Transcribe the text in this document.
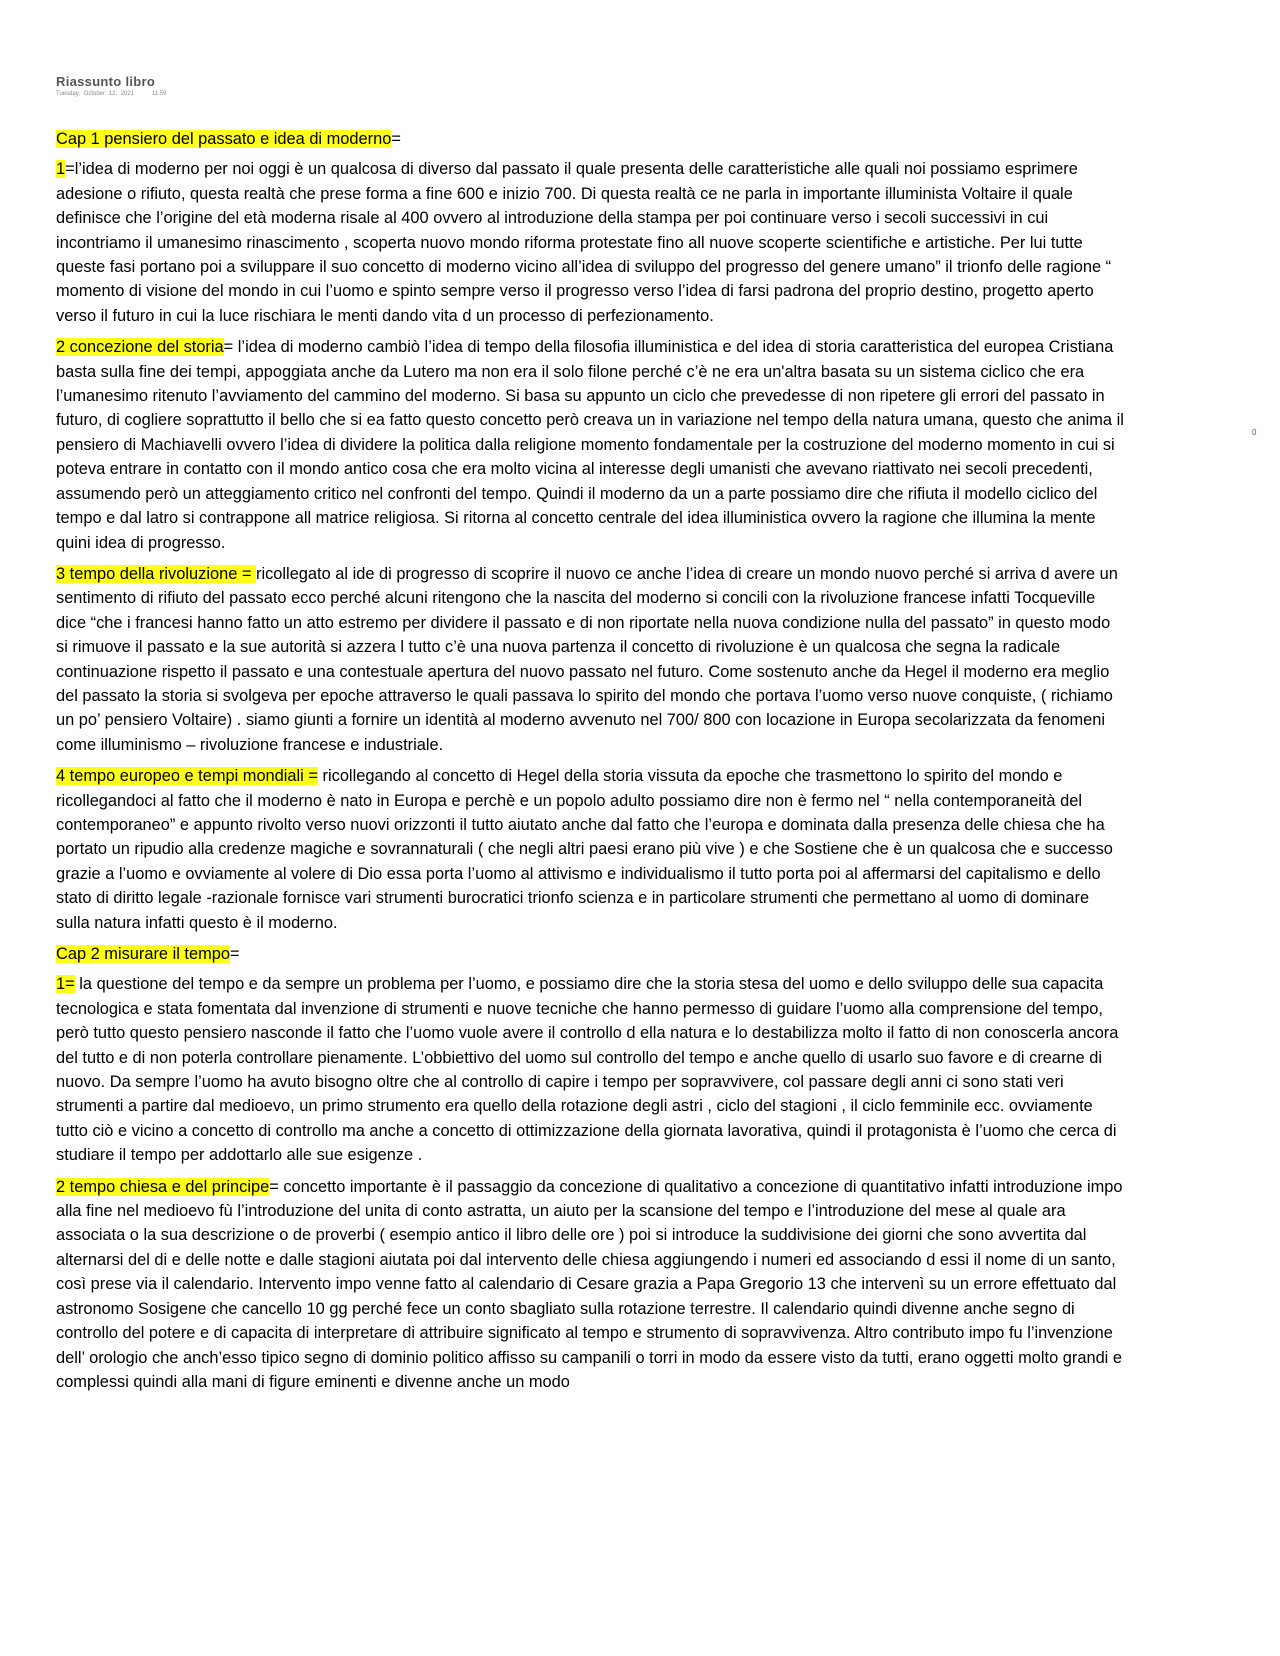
Riassunto libro
Tuesday, October 12, 2021	11:59

Cap 1 pensiero del passato e idea di moderno=

1=l’idea di moderno per noi oggi è un qualcosa di diverso dal passato il quale presenta delle caratteristiche alle quali noi possiamo esprimere adesione o rifiuto, questa realtà che prese forma a fine 600 e inizio 700. Di questa realtà ce ne parla in importante illuminista Voltaire il quale definisce che l’origine del età moderna risale al 400 ovvero al introduzione della stampa per poi continuare verso i secoli successivi in cui incontriamo il umanesimo rinascimento , scoperta nuovo mondo riforma protestate fino all nuove scoperte scientifiche e artistiche. Per lui tutte queste fasi portano poi a sviluppare il suo concetto di moderno vicino all’idea di sviluppo del progresso del genere umano” il trionfo delle ragione “ momento di visione del mondo in cui l’uomo e spinto sempre verso il progresso verso l’idea di farsi padrona del proprio destino, progetto aperto verso il futuro in cui la luce rischiara le menti dando vita d un processo di perfezionamento.

2 concezione del storia= l’idea di moderno cambiò l’idea di tempo della filosofia illuministica e del idea di storia caratteristica del europea Cristiana basta sulla fine dei tempi, appoggiata anche da Lutero ma non era il solo filone perché c’è ne era un'altra basata su un sistema ciclico che era l’umanesimo ritenuto l’avviamento del cammino del moderno. Si basa su appunto un ciclo che prevedesse di non ripetere gli errori del passato in futuro, di cogliere soprattutto il bello che si ea fatto questo concetto però creava un in variazione nel tempo della natura umana, questo che anima il pensiero di Machiavelli ovvero l’idea di dividere la politica dalla religione momento fondamentale per la costruzione del moderno momento in cui si poteva entrare in contatto con il mondo antico cosa che era molto vicina al interesse degli umanisti che avevano riattivato nei secoli precedenti, assumendo però un atteggiamento critico nel confronti del tempo. Quindi il moderno da un a parte possiamo dire che rifiuta il modello ciclico del tempo e dal latro si contrappone all matrice religiosa. Si ritorna al concetto centrale del idea illuministica ovvero la ragione che illumina la mente quini idea di progresso.

3 tempo della rivoluzione = ricollegato al ide di progresso di scoprire il nuovo ce anche l’idea di creare un mondo nuovo perché si arriva d avere un sentimento di rifiuto del passato ecco perché alcuni ritengono che la nascita del moderno si concili con la rivoluzione francese infatti Tocqueville dice “che i francesi hanno fatto un atto estremo per dividere il passato e di non riportate nella nuova condizione nulla del passato” in questo modo si rimuove il passato e la sue autorità si azzera l tutto c’è una nuova partenza il concetto di rivoluzione è un qualcosa che segna la radicale continuazione rispetto il passato e una contestuale apertura del nuovo passato nel futuro. Come sostenuto anche da Hegel il moderno era meglio del passato la storia si svolgeva per epoche attraverso le quali passava lo spirito del mondo che portava l’uomo verso nuove conquiste, ( richiamo un po’ pensiero Voltaire) . siamo giunti a fornire un identità al moderno avvenuto nel 700/ 800 con locazione in Europa secolarizzata da fenomeni come illuminismo – rivoluzione francese e industriale.

4 tempo europeo e tempi mondiali = ricollegando al concetto di Hegel della storia vissuta da epoche che trasmettono lo spirito del mondo e ricollegandoci al fatto che il moderno è nato in Europa e perchè e un popolo adulto possiamo dire non è fermo nel “ nella contemporaneità del contemporaneo” e appunto rivolto verso nuovi orizzonti il tutto aiutato anche dal fatto che l’europa e dominata dalla presenza delle chiesa che ha portato un ripudio alla credenze magiche e sovrannaturali ( che negli altri paesi erano più vive ) e che Sostiene che è un qualcosa che e successo grazie a l’uomo e ovviamente al volere di Dio essa porta l’uomo al attivismo e individualismo il tutto porta poi al affermarsi del capitalismo e dello stato di diritto legale -razionale fornisce vari strumenti burocratici trionfo scienza e in particolare strumenti che permettano al uomo di dominare sulla natura infatti questo è il moderno.

Cap 2 misurare il tempo=

1= la questione del tempo e da sempre un problema per l’uomo, e possiamo dire che la storia stesa del uomo e dello sviluppo delle sua capacita tecnologica e stata fomentata dal invenzione di strumenti e nuove tecniche che hanno permesso di guidare l’uomo alla comprensione del tempo, però tutto questo pensiero nasconde il fatto che l’uomo vuole avere il controllo d ella natura e lo destabilizza molto il fatto di non conoscerla ancora del tutto e di non poterla controllare pienamente. L’obbiettivo del uomo sul controllo del tempo e anche quello di usarlo suo favore e di crearne di nuovo. Da sempre l’uomo ha avuto bisogno oltre che al controllo di capire i tempo per sopravvivere, col passare degli anni ci sono stati veri strumenti a partire dal medioevo, un primo strumento era quello della rotazione degli astri , ciclo del stagioni , il ciclo femminile ecc. ovviamente tutto ciò e vicino a concetto di controllo ma anche a concetto di ottimizzazione della giornata lavorativa, quindi il protagonista è l’uomo che cerca di studiare il tempo per addottarlo alle sue esigenze .

2 tempo chiesa e del principe= concetto importante è il passaggio da concezione di qualitativo a concezione di quantitativo infatti introduzione impo alla fine nel medioevo fù l’introduzione del unita di conto astratta, un aiuto per la scansione del tempo e l’introduzione del mese al quale ara associata o la sua descrizione o de proverbi ( esempio antico il libro delle ore ) poi si introduce la suddivisione dei giorni che sono avvertita dal alternarsi del di e delle notte e dalle stagioni aiutata poi dal intervento delle chiesa aggiungendo i numeri ed associando d essi il nome di un santo, così prese via il calendario. Intervento impo venne fatto al calendario di Cesare grazia a Papa Gregorio 13 che intervenì su un errore effettuato dal astronomo Sosigene che cancello 10 gg perché fece un conto sbagliato sulla rotazione terrestre. Il calendario quindi divenne anche segno di controllo del potere e di capacita di interpretare di attribuire significato al tempo e strumento di sopravvivenza. Altro contributo impo fu l’invenzione dell’ orologio che anch’esso tipico segno di dominio politico affisso su campanili o torri in modo da essere visto da tutti, erano oggetti molto grandi e complessi quindi alla mani di figure eminenti e divenne anche un modo

0
